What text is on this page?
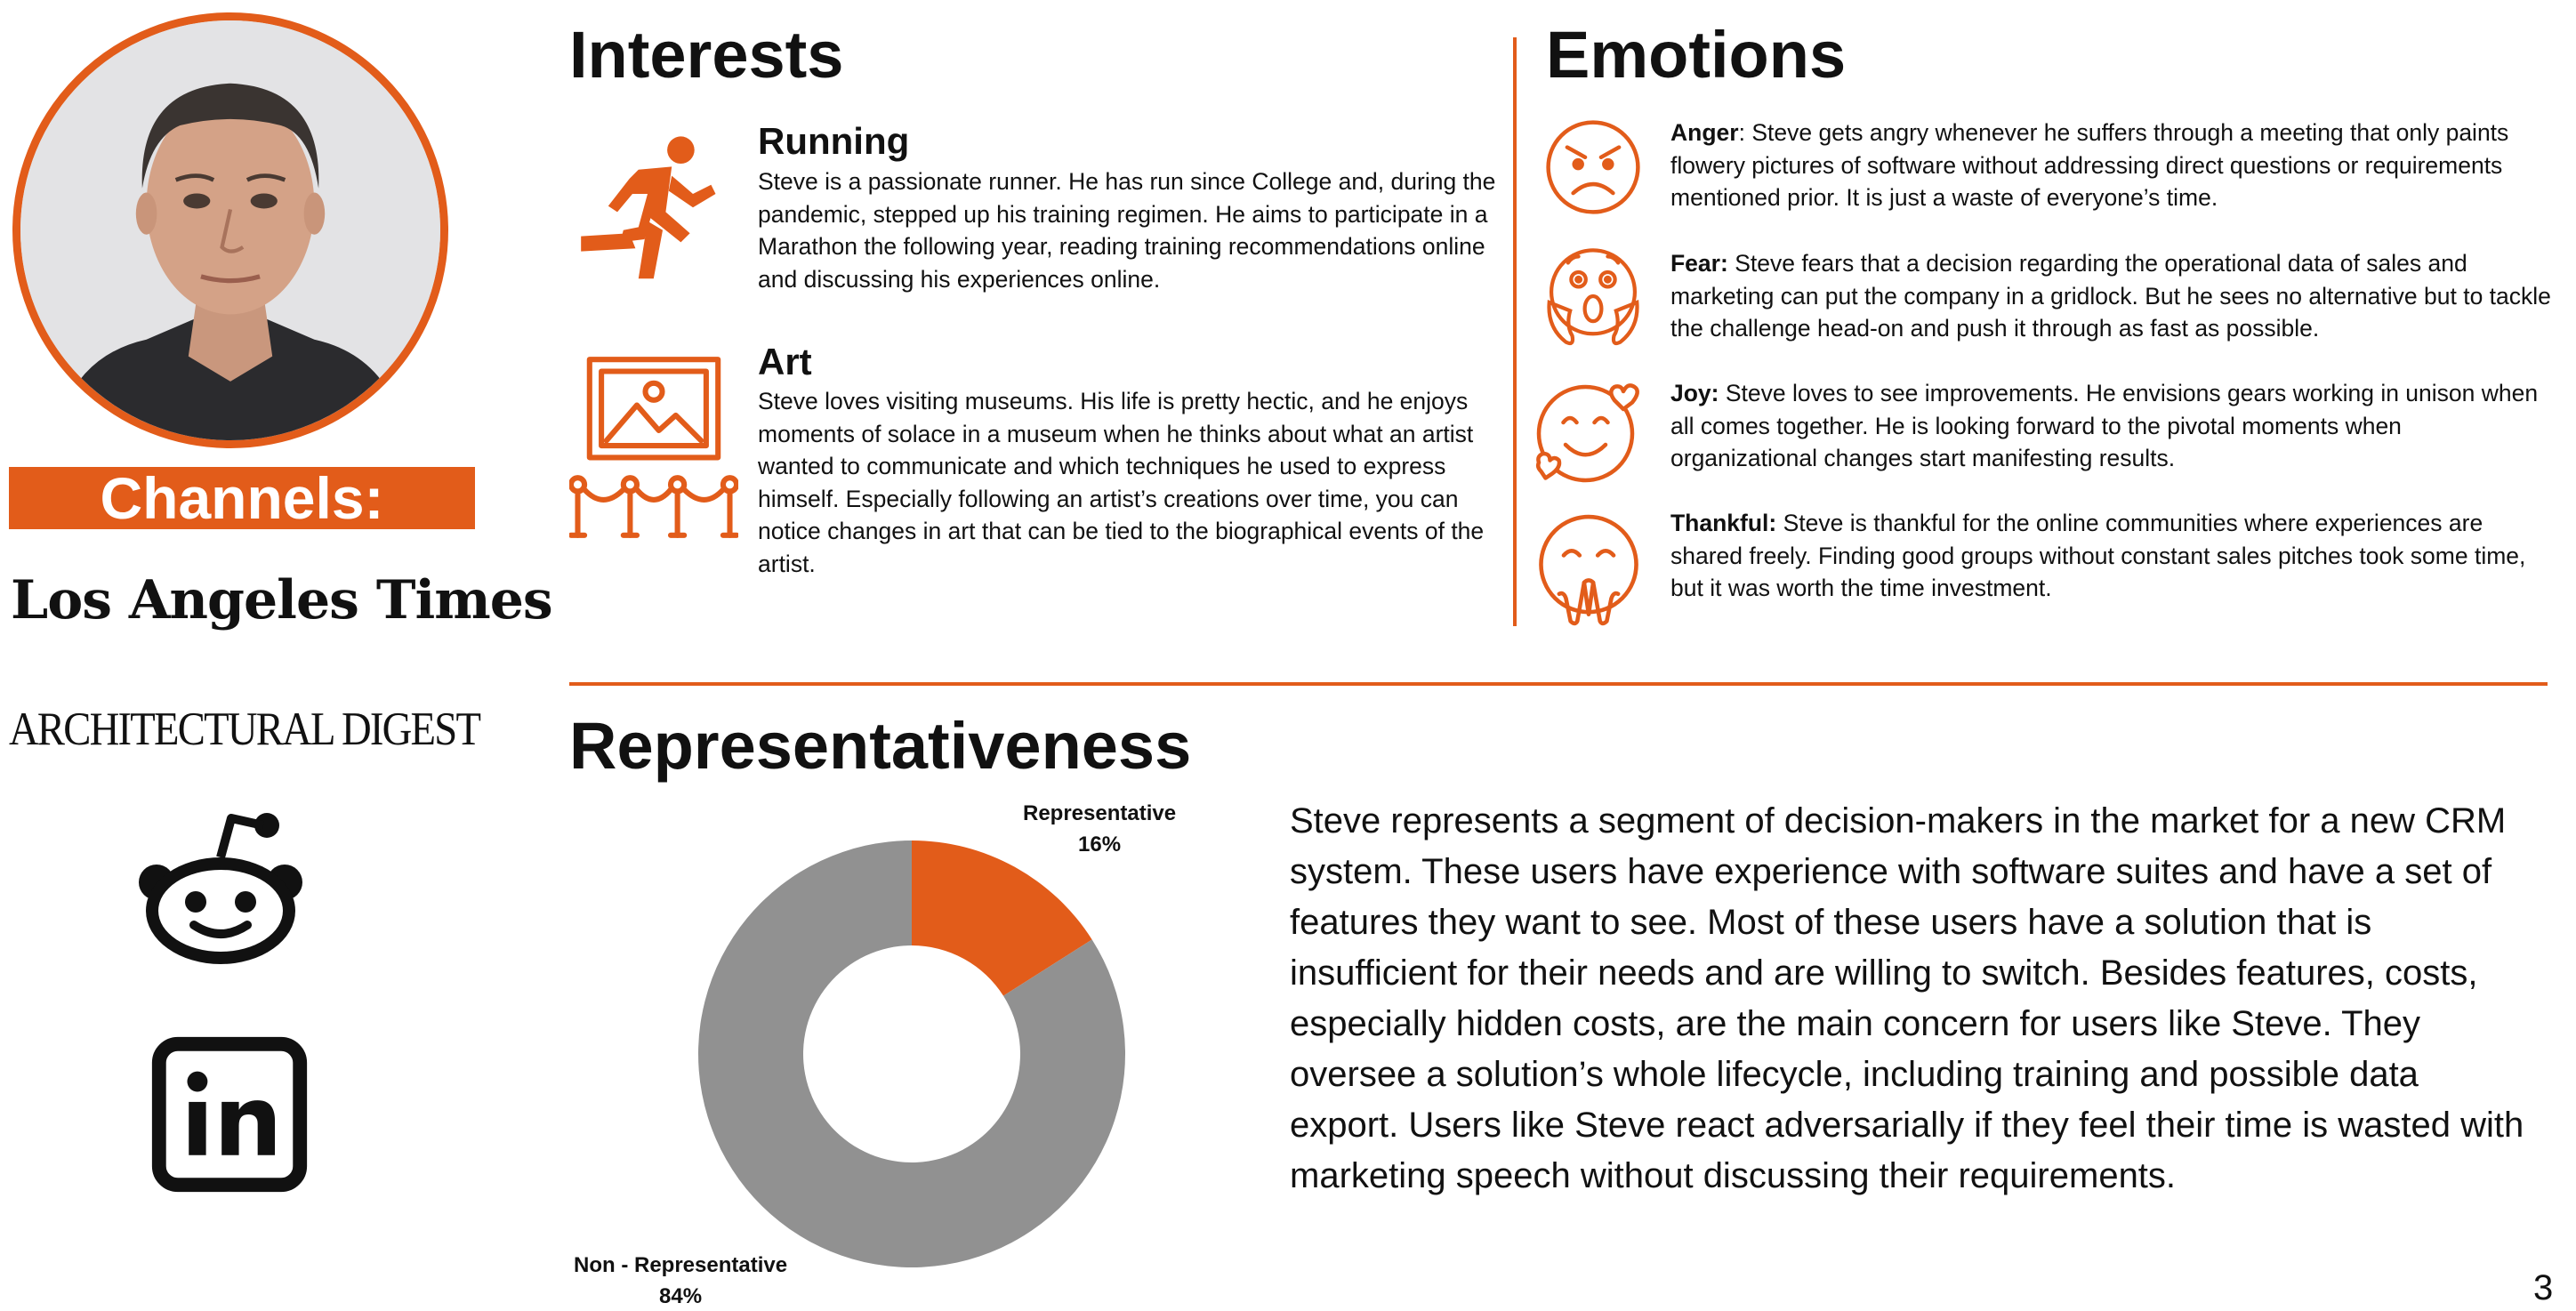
Channels:
Los Angeles Times
ARCHITECTURAL DIGEST
Interests
Running
Steve is a passionate runner. He has run since College and, during the pandemic, stepped up his training regimen. He aims to participate in a Marathon the following year, reading training recommendations online and discussing his experiences online.
Art
Steve loves visiting museums. His life is pretty hectic, and he enjoys moments of solace in a museum when he thinks about what an artist wanted to communicate and which techniques he used to express himself. Especially following an artist’s creations over time, you can notice changes in art that can be tied to the biographical events of the artist.
Emotions
Anger: Steve gets angry whenever he suffers through a meeting that only paints flowery pictures of software without addressing direct questions or requirements mentioned prior. It is just a waste of everyone’s time.
Fear: Steve fears that a decision regarding the operational data of sales and marketing can put the company in a gridlock. But he sees no alternative but to tackle the challenge head-on and push it through as fast as possible.
Joy: Steve loves to see improvements. He envisions gears working in unison when all comes together. He is looking forward to the pivotal moments when organizational changes start manifesting results.
Thankful: Steve is thankful for the online communities where experiences are shared freely. Finding good groups without constant sales pitches took some time, but it was worth the time investment.
Representativeness
Representative
16%
Non - Representative
84%
Steve represents a segment of decision-makers in the market for a new CRM system. These users have experience with software suites and have a set of features they want to see. Most of these users have a solution that is insufficient for their needs and are willing to switch. Besides features, costs, especially hidden costs, are the main concern for users like Steve. They oversee a solution’s whole lifecycle, including training and possible data export. Users like Steve react adversarially if they feel their time is wasted with marketing speech without discussing their requirements.
3
